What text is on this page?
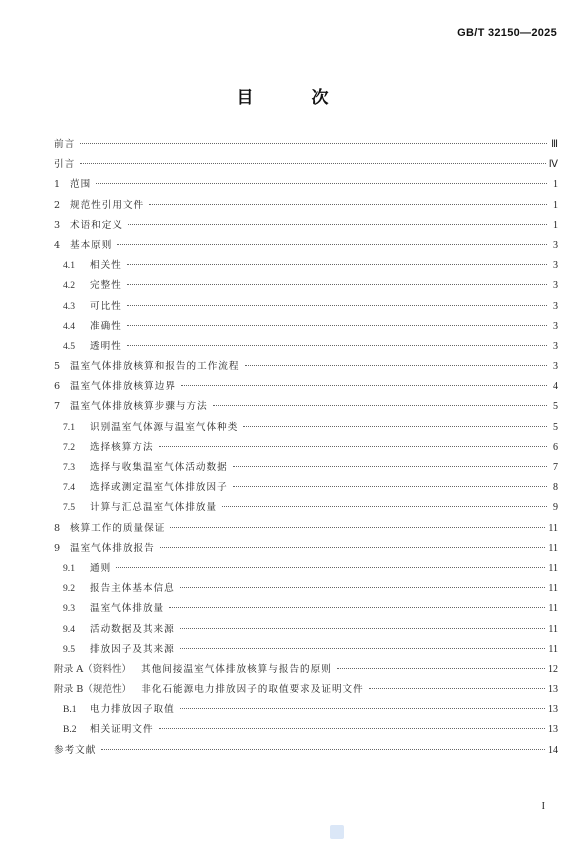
GB/T 32150—2025
目 次
前言	Ⅲ
引言	Ⅳ
1	范围	1
2	规范性引用文件	1
3	术语和定义	1
4	基本原则	3
4.1	相关性	3
4.2	完整性	3
4.3	可比性	3
4.4	准确性	3
4.5	透明性	3
5	温室气体排放核算和报告的工作流程	3
6	温室气体排放核算边界	4
7	温室气体排放核算步骤与方法	5
7.1	识别温室气体源与温室气体种类	5
7.2	选择核算方法	6
7.3	选择与收集温室气体活动数据	7
7.4	选择或测定温室气体排放因子	8
7.5	计算与汇总温室气体排放量	9
8	核算工作的质量保证	11
9	温室气体排放报告	11
9.1	通则	11
9.2	报告主体基本信息	11
9.3	温室气体排放量	11
9.4	活动数据及其来源	11
9.5	排放因子及其来源	11
附录 A（资料性）	其他间接温室气体排放核算与报告的原则	12
附录 B（规范性）	非化石能源电力排放因子的取值要求及证明文件	13
B.1	电力排放因子取值	13
B.2	相关证明文件	13
参考文献	14
I
